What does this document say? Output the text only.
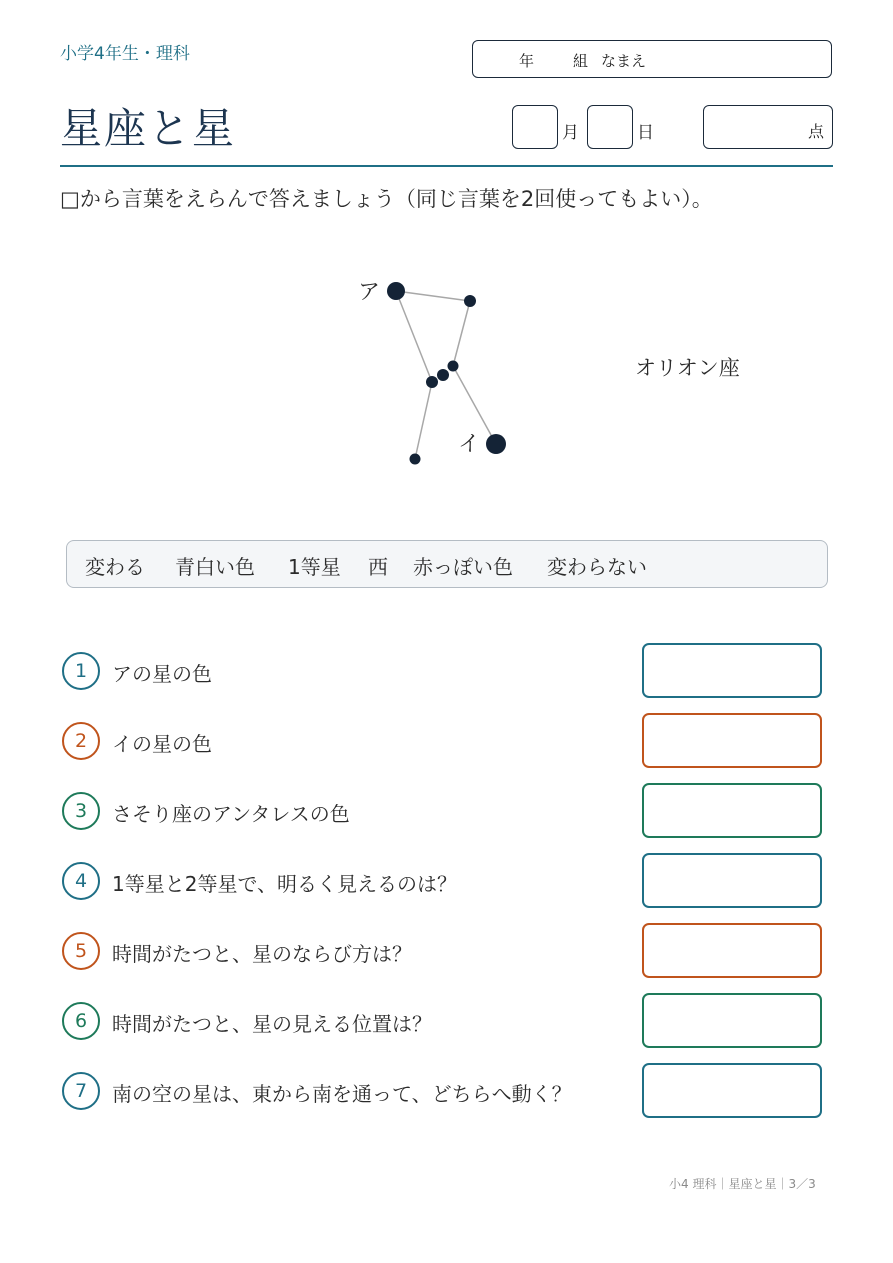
小学4年生・理科	年	組 なまえ
星座と星	月	日	点
□から言葉をえらんで答えましょう（同じ言葉を2回使ってもよい）。
ア
イ
オリオン座
変わる 青白い色 1等星 西 赤っぽい色 変わらない
1	アの星の色
2	イの星の色
3	さそり座のアンタレスの色
4	1等星と2等星で、明るく見えるのは？
5	時間がたつと、星のならび方は？
6	時間がたつと、星の見える位置は？
7	南の空の星は、東から南を通って、どちらへ動く？
小4 理科｜星座と星｜3／3
